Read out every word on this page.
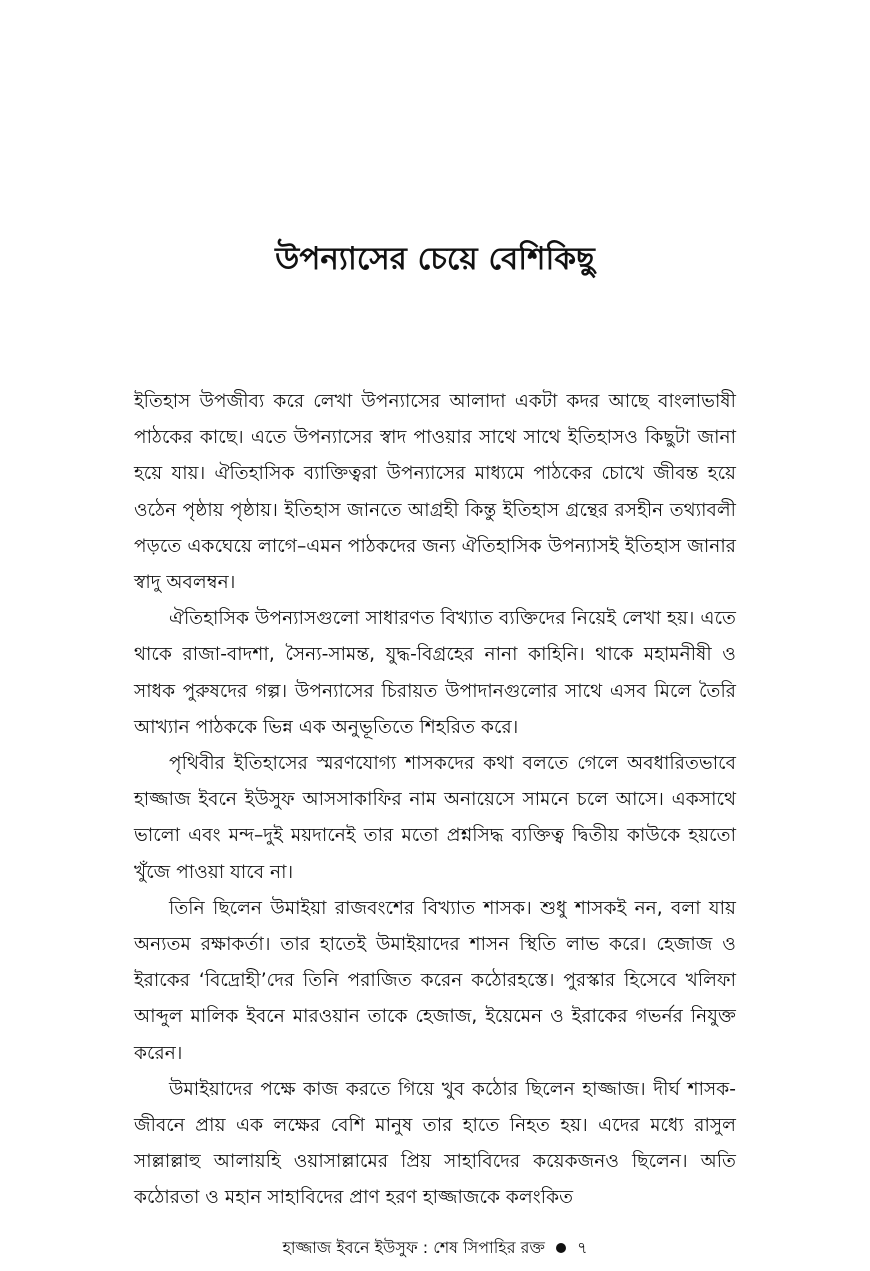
উপন্যাসের চেয়ে বেশিকিছু

ইতিহাস উপজীব্য করে লেখা উপন্যাসের আলাদা একটা কদর আছে বাংলাভাষী পাঠকের কাছে। এতে উপন্যাসের স্বাদ পাওয়ার সাথে সাথে ইতিহাসও কিছুটা জানা হয়ে যায়। ঐতিহাসিক ব্যাক্তিত্বরা উপন্যাসের মাধ্যমে পাঠকের চোখে জীবন্ত হয়ে ওঠেন পৃষ্ঠায় পৃষ্ঠায়। ইতিহাস জানতে আগ্রহী কিন্তু ইতিহাস গ্রন্থের রসহীন তথ্যাবলী পড়তে একঘেয়ে লাগে–এমন পাঠকদের জন্য ঐতিহাসিক উপন্যাসই ইতিহাস জানার স্বাদু অবলম্বন।

ঐতিহাসিক উপন্যাসগুলো সাধারণত বিখ্যাত ব্যক্তিদের নিয়েই লেখা হয়। এতে থাকে রাজা-বাদশা, সৈন্য-সামন্ত, যুদ্ধ-বিগ্রহের নানা কাহিনি। থাকে মহামনীষী ও সাধক পুরুষদের গল্প। উপন্যাসের চিরায়ত উপাদানগুলোর সাথে এসব মিলে তৈরি আখ্যান পাঠককে ভিন্ন এক অনুভূতিতে শিহরিত করে।

পৃথিবীর ইতিহাসের স্মরণযোগ্য শাসকদের কথা বলতে গেলে অবধারিতভাবে হাজ্জাজ ইবনে ইউসুফ আসসাকাফির নাম অনায়েসে সামনে চলে আসে। একসাথে ভালো এবং মন্দ–দুই ময়দানেই তার মতো প্রশ্নসিদ্ধ ব্যক্তিত্ব দ্বিতীয় কাউকে হয়তো খুঁজে পাওয়া যাবে না।

তিনি ছিলেন উমাইয়া রাজবংশের বিখ্যাত শাসক। শুধু শাসকই নন, বলা যায় অন্যতম রক্ষাকর্তা। তার হাতেই উমাইয়াদের শাসন স্থিতি লাভ করে। হেজাজ ও ইরাকের ‘বিদ্রোহী’দের তিনি পরাজিত করেন কঠোরহস্তে। পুরস্কার হিসেবে খলিফা আব্দুল মালিক ইবনে মারওয়ান তাকে হেজাজ, ইয়েমেন ও ইরাকের গভর্নর নিযুক্ত করেন।

উমাইয়াদের পক্ষে কাজ করতে গিয়ে খুব কঠোর ছিলেন হাজ্জাজ। দীর্ঘ শাসক-জীবনে প্রায় এক লক্ষের বেশি মানুষ তার হাতে নিহত হয়। এদের মধ্যে রাসুল সাল্লাল্লাহু আলায়হি ওয়াসাল্লামের প্রিয় সাহাবিদের কয়েকজনও ছিলেন। অতি কঠোরতা ও মহান সাহাবিদের প্রাণ হরণ হাজ্জাজকে কলংকিত

হাজ্জাজ ইবনে ইউসুফ : শেষ সিপাহির রক্ত ৭
